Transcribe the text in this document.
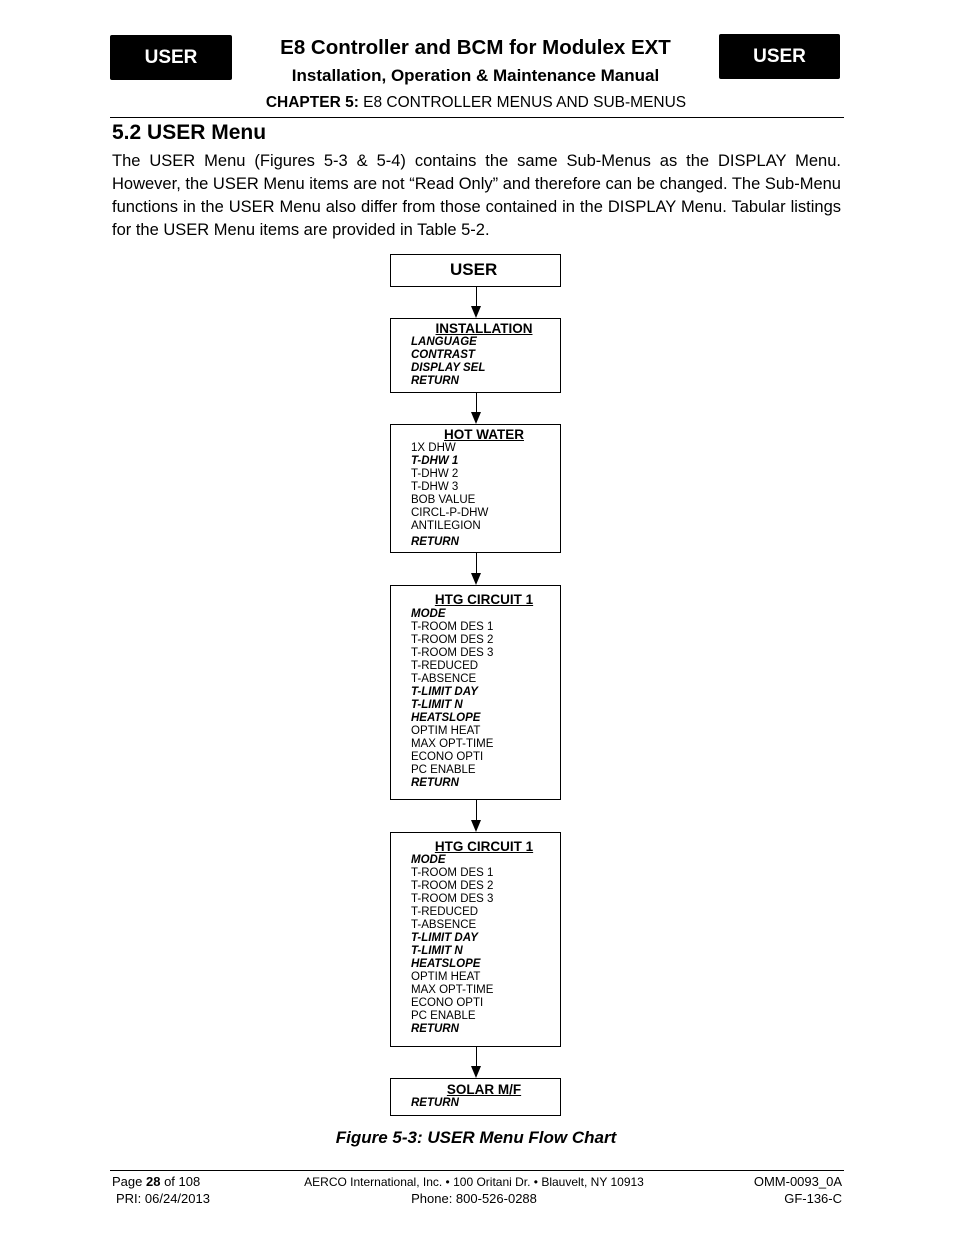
USER	USER
E8 Controller and BCM for Modulex EXT
Installation, Operation & Maintenance Manual
CHAPTER 5: E8 CONTROLLER MENUS AND SUB-MENUS
5.2 USER Menu
The USER Menu (Figures 5-3 & 5-4) contains the same Sub-Menus as the DISPLAY Menu. However, the USER Menu items are not “Read Only” and therefore can be changed. The Sub-Menu functions in the USER Menu also differ from those contained in the DISPLAY Menu. Tabular listings for the USER Menu items are provided in Table 5-2.
USER
INSTALLATION
LANGUAGE
CONTRAST
DISPLAY SEL
RETURN
HOT WATER
1X DHW
T-DHW 1
T-DHW 2
T-DHW 3
BOB VALUE
CIRCL-P-DHW
ANTILEGION
RETURN
HTG CIRCUIT 1
MODE
T-ROOM DES 1
T-ROOM DES 2
T-ROOM DES 3
T-REDUCED
T-ABSENCE
T-LIMIT DAY
T-LIMIT N
HEATSLOPE
OPTIM HEAT
MAX OPT-TIME
ECONO OPTI
PC ENABLE
RETURN
HTG CIRCUIT 1
MODE
T-ROOM DES 1
T-ROOM DES 2
T-ROOM DES 3
T-REDUCED
T-ABSENCE
T-LIMIT DAY
T-LIMIT N
HEATSLOPE
OPTIM HEAT
MAX OPT-TIME
ECONO OPTI
PC ENABLE
RETURN
SOLAR M/F
RETURN
Figure 5-3: USER Menu Flow Chart
Page 28 of 108
PRI: 06/24/2013
AERCO International, Inc. • 100 Oritani Dr. • Blauvelt, NY 10913
Phone: 800-526-0288
OMM-0093_0A
GF-136-C
